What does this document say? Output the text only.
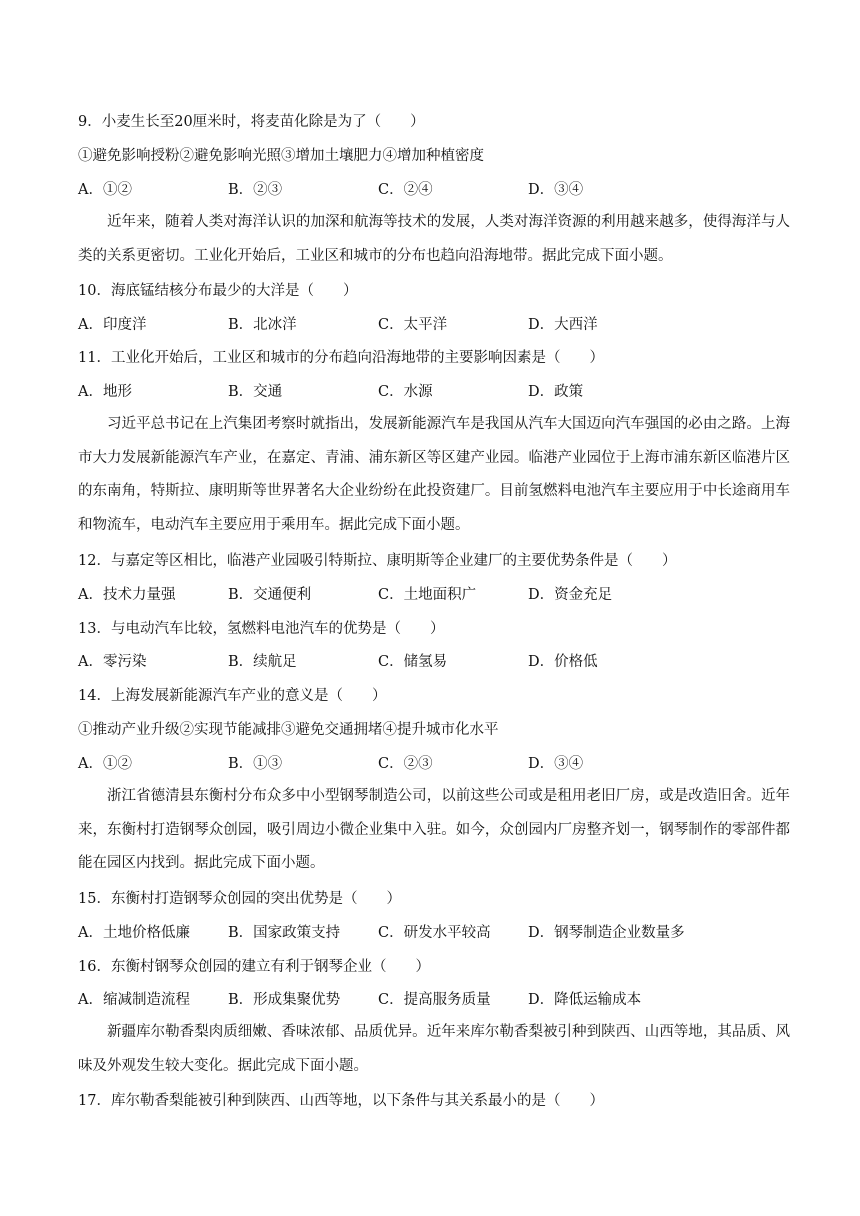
9．小麦生长至20厘米时，将麦苗化除是为了（　　）
①避免影响授粉②避免影响光照③增加土壤肥力④增加种植密度
A．①②	B．②③	C．②④	D．③④

近年来，随着人类对海洋认识的加深和航海等技术的发展，人类对海洋资源的利用越来越多，使得海洋与人类的关系更密切。工业化开始后，工业区和城市的分布也趋向沿海地带。据此完成下面小题。

10．海底锰结核分布最少的大洋是（　　）
A．印度洋	B．北冰洋	C．太平洋	D．大西洋
11．工业化开始后，工业区和城市的分布趋向沿海地带的主要影响因素是（　　）
A．地形	B．交通	C．水源	D．政策

习近平总书记在上汽集团考察时就指出，发展新能源汽车是我国从汽车大国迈向汽车强国的必由之路。上海市大力发展新能源汽车产业，在嘉定、青浦、浦东新区等区建产业园。临港产业园位于上海市浦东新区临港片区的东南角，特斯拉、康明斯等世界著名大企业纷纷在此投资建厂。目前氢燃料电池汽车主要应用于中长途商用车和物流车，电动汽车主要应用于乘用车。据此完成下面小题。

12．与嘉定等区相比，临港产业园吸引特斯拉、康明斯等企业建厂的主要优势条件是（　　）
A．技术力量强	B．交通便利	C．土地面积广	D．资金充足
13．与电动汽车比较，氢燃料电池汽车的优势是（　　）
A．零污染	B．续航足	C．储氢易	D．价格低
14．上海发展新能源汽车产业的意义是（　　）
①推动产业升级②实现节能减排③避免交通拥堵④提升城市化水平
A．①②	B．①③	C．②③	D．③④

浙江省德清县东衡村分布众多中小型钢琴制造公司，以前这些公司或是租用老旧厂房，或是改造旧舍。近年来，东衡村打造钢琴众创园，吸引周边小微企业集中入驻。如今，众创园内厂房整齐划一，钢琴制作的零部件都能在园区内找到。据此完成下面小题。

15．东衡村打造钢琴众创园的突出优势是（　　）
A．土地价格低廉	B．国家政策支持	C．研发水平较高	D．钢琴制造企业数量多
16．东衡村钢琴众创园的建立有利于钢琴企业（　　）
A．缩减制造流程	B．形成集聚优势	C．提高服务质量	D．降低运输成本

新疆库尔勒香梨肉质细嫩、香味浓郁、品质优异。近年来库尔勒香梨被引种到陕西、山西等地，其品质、风味及外观发生较大变化。据此完成下面小题。

17．库尔勒香梨能被引种到陕西、山西等地，以下条件与其关系最小的是（　　）
